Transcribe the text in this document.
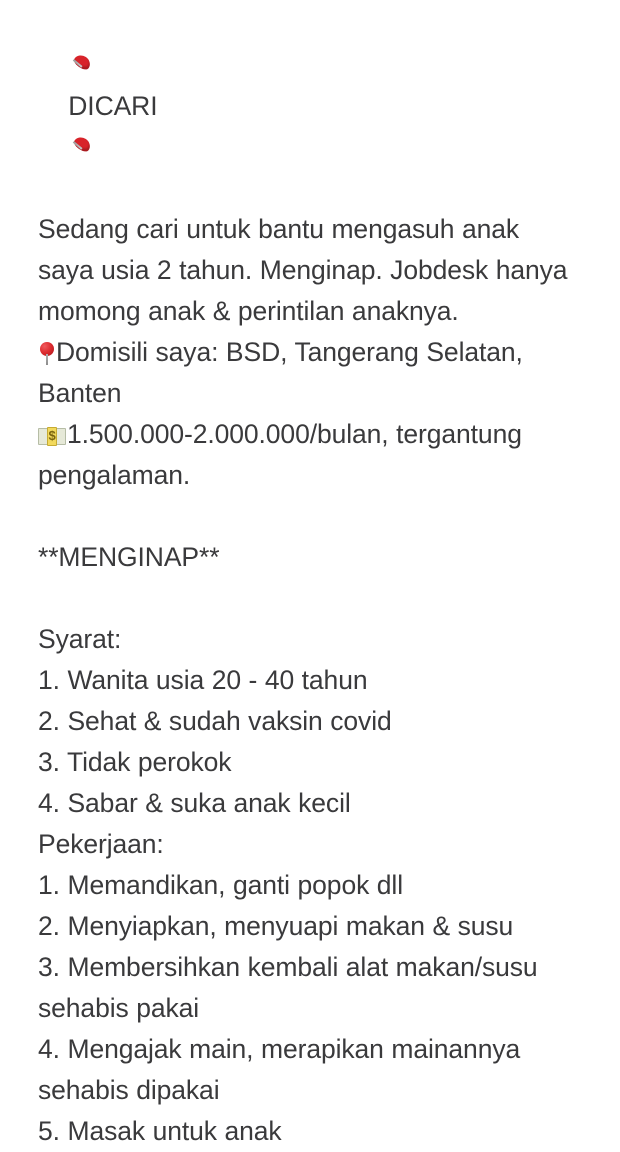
DICARI

Sedang cari untuk bantu mengasuh anak saya usia 2 tahun. Menginap. Jobdesk hanya momong anak & perintilan anaknya.
Domisili saya: BSD, Tangerang Selatan, Banten
$ 1.500.000-2.000.000/bulan, tergantung pengalaman.
**MENGINAP**
Syarat:
1. Wanita usia 20 - 40 tahun
2. Sehat & sudah vaksin covid
3. Tidak perokok
4. Sabar & suka anak kecil
Pekerjaan:
1. Memandikan, ganti popok dll
2. Menyiapkan, menyuapi makan & susu
3. Membersihkan kembali alat makan/susu sehabis pakai
4. Mengajak main, merapikan mainannya sehabis dipakai
5. Masak untuk anak
